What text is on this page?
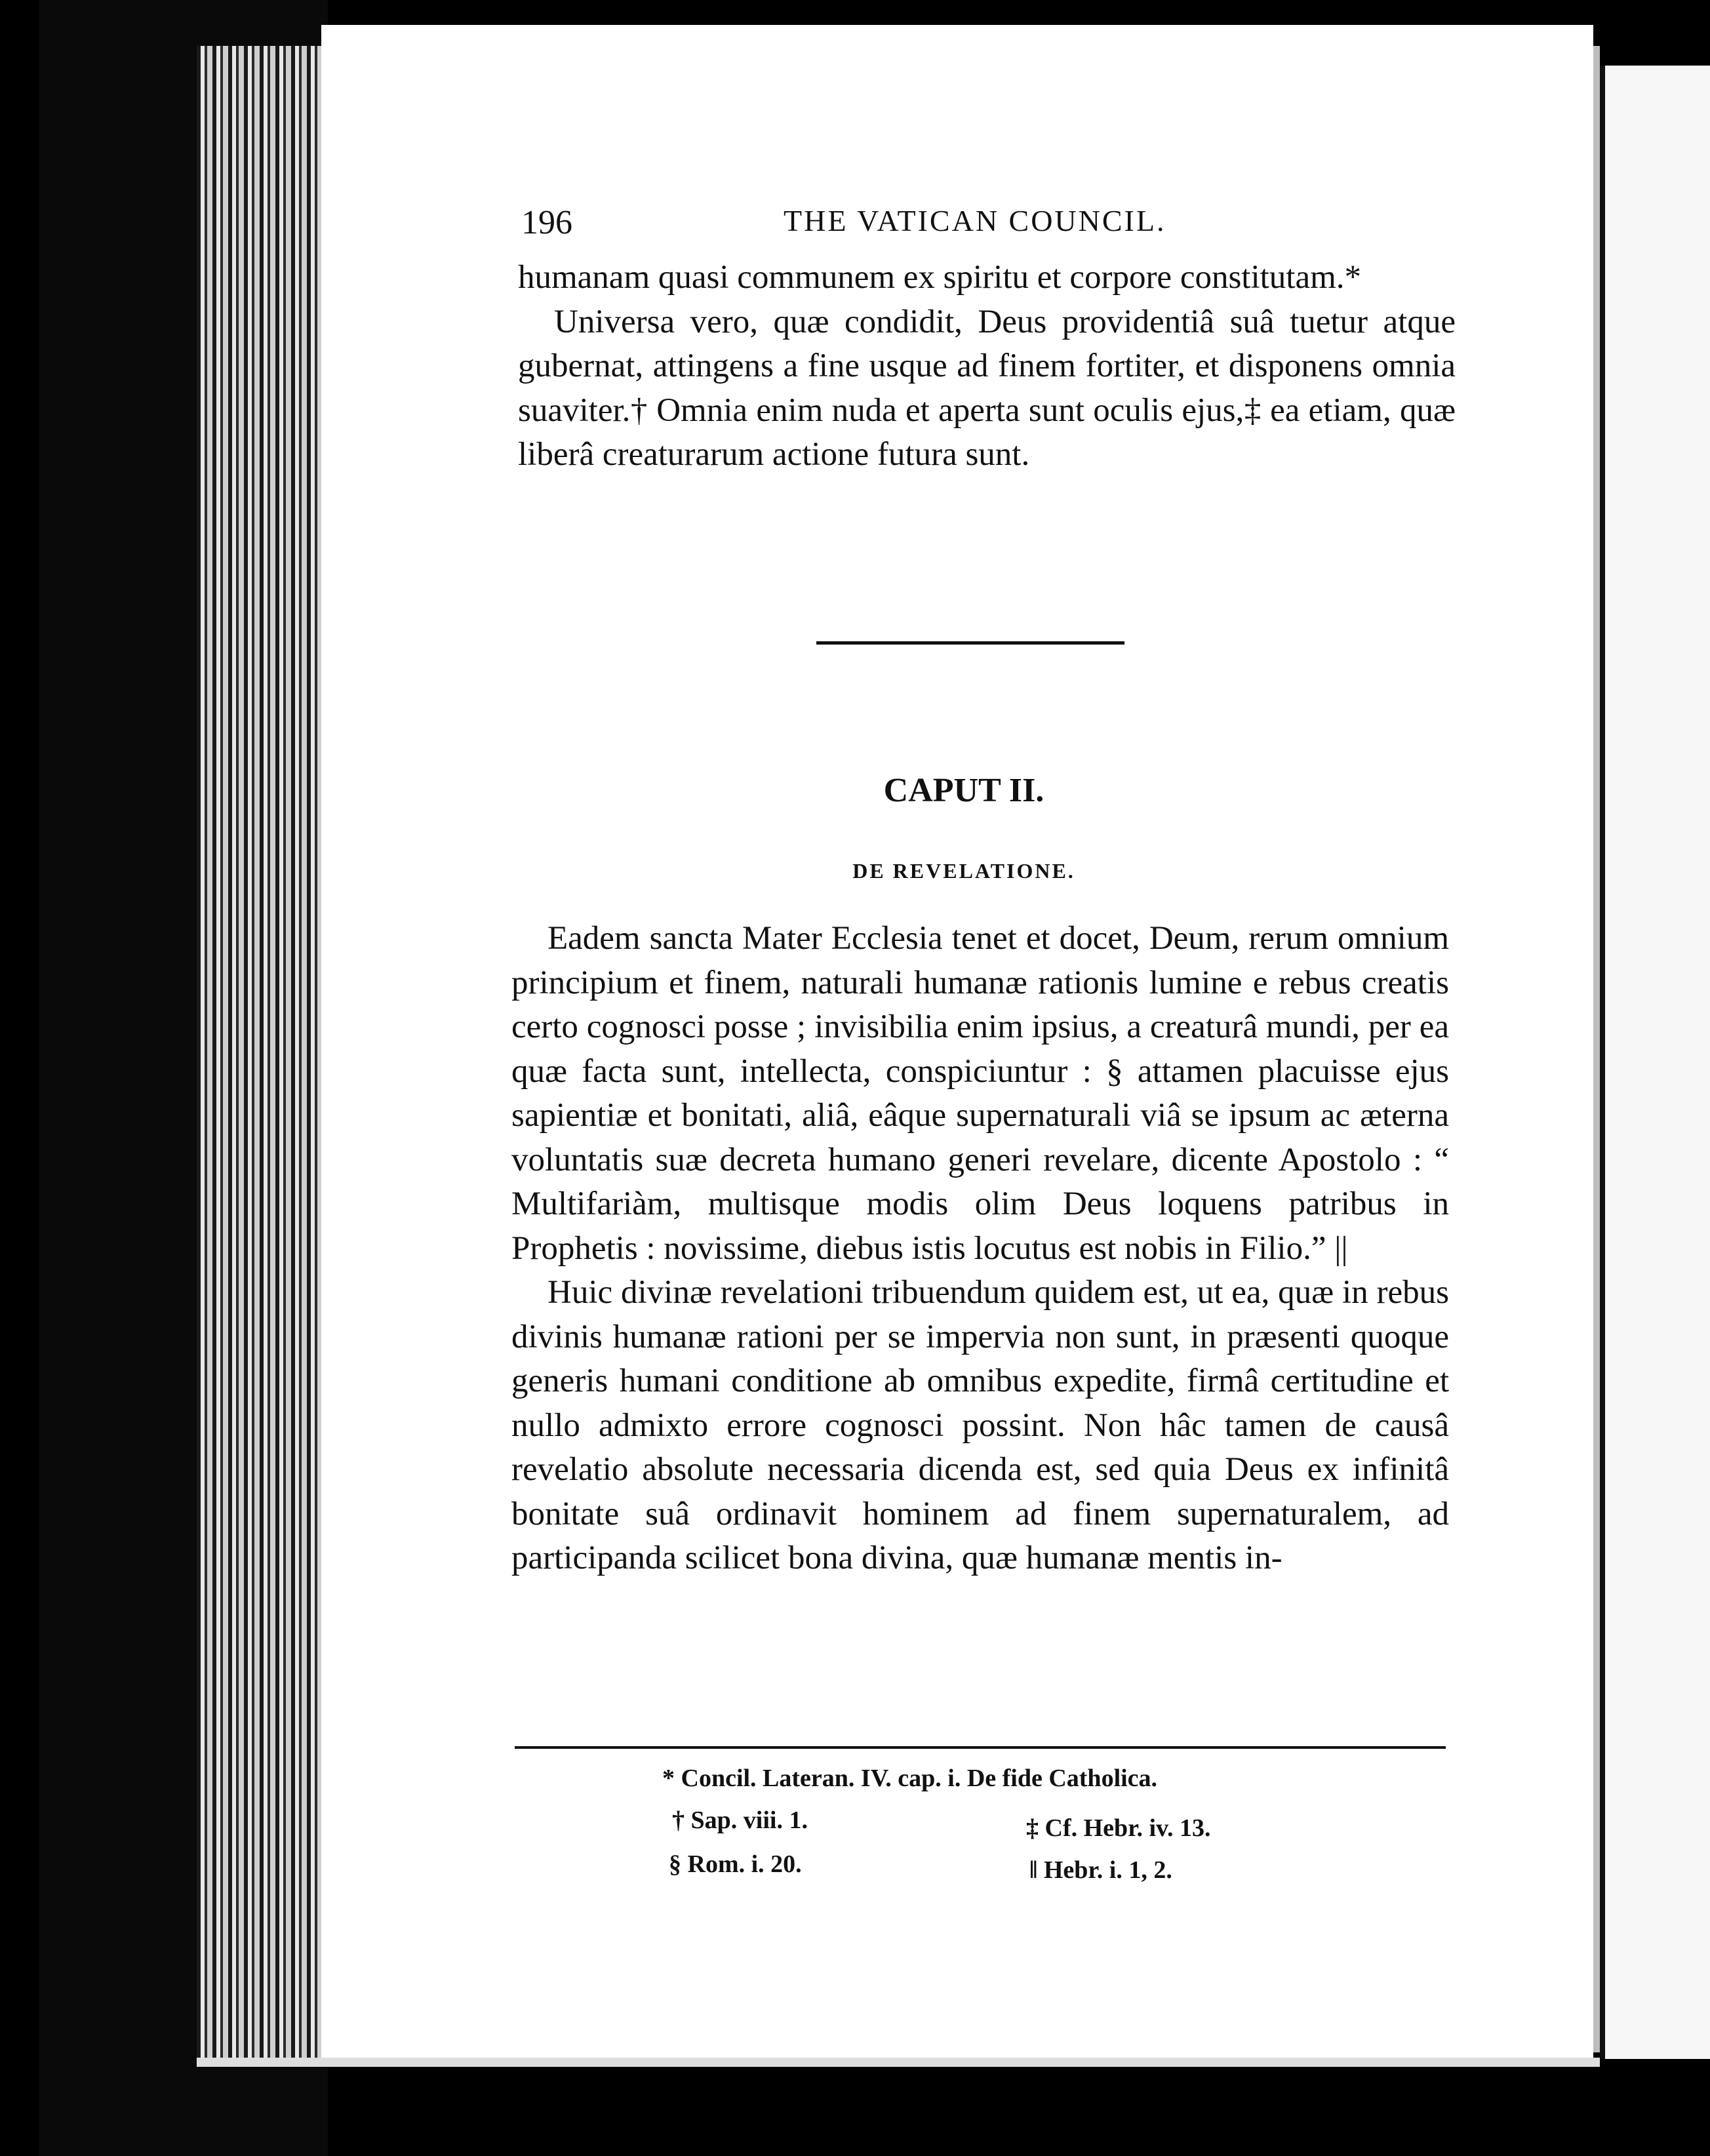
196	THE VATICAN COUNCIL.

humanam quasi communem ex spiritu et corpore constitutam.*

Universa vero, quæ condidit, Deus providentiâ suâ tuetur atque gubernat, attingens a fine usque ad finem fortiter, et disponens omnia suaviter.† Omnia enim nuda et aperta sunt oculis ejus,‡ ea etiam, quæ liberâ creaturarum actione futura sunt.

CAPUT II.
DE REVELATIONE.

Eadem sancta Mater Ecclesia tenet et docet, Deum, rerum omnium principium et finem, naturali humanæ rationis lumine e rebus creatis certo cognosci posse ; invisibilia enim ipsius, a creaturâ mundi, per ea quæ facta sunt, intellecta, conspiciuntur : § attamen placuisse ejus sapientiæ et bonitati, aliâ, eâque supernaturali viâ se ipsum ac æterna voluntatis suæ decreta humano generi revelare, dicente Apostolo : “ Multifariàm, multisque modis olim Deus loquens patribus in Prophetis : novissime, diebus istis locutus est nobis in Filio.” ||

Huic divinæ revelationi tribuendum quidem est, ut ea, quæ in rebus divinis humanæ rationi per se impervia non sunt, in præsenti quoque generis humani conditione ab omnibus expedite, firmâ certitudine et nullo admixto errore cognosci possint. Non hâc tamen de causâ revelatio absolute necessaria dicenda est, sed quia Deus ex infinitâ bonitate suâ ordinavit hominem ad finem supernaturalem, ad participanda scilicet bona divina, quæ humanæ mentis in-

* Concil. Lateran. IV. cap. i. De fide Catholica.
† Sap. viii. 1.	‡ Cf. Hebr. iv. 13.
§ Rom. i. 20.	‖ Hebr. i. 1, 2.
